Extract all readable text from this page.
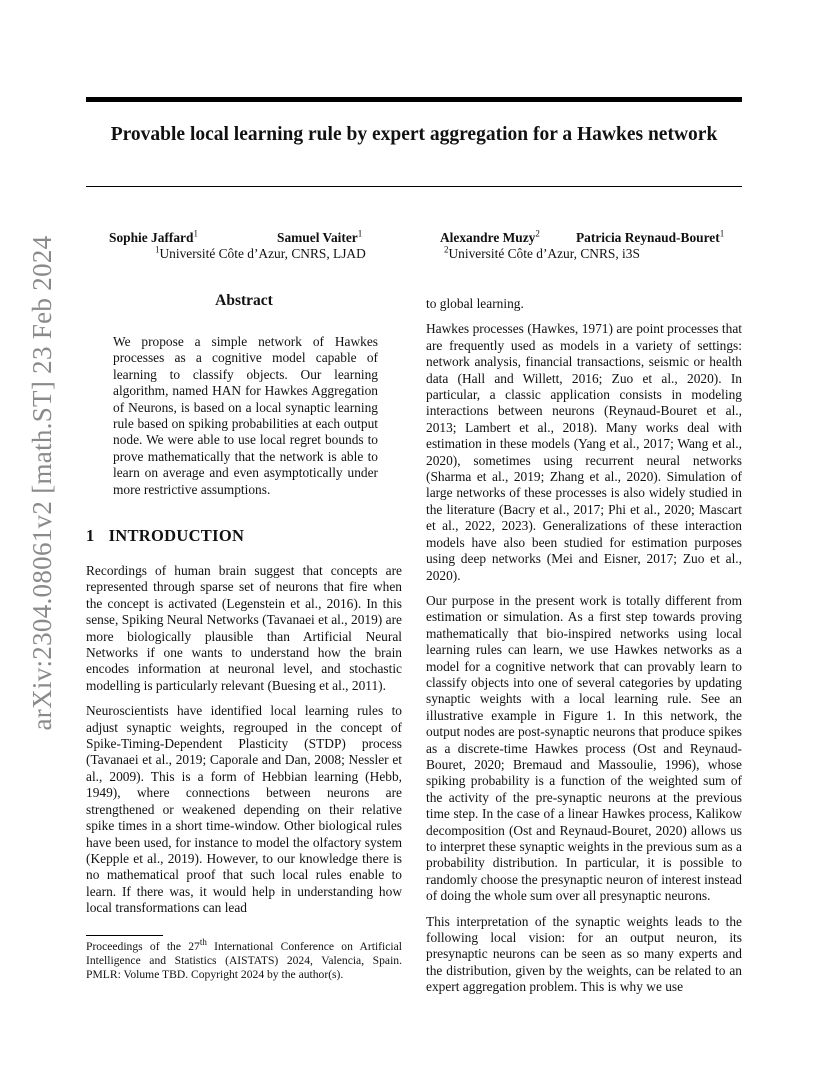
arXiv:2304.08061v2 [math.ST] 23 Feb 2024
Provable local learning rule by expert aggregation for a Hawkes network
Sophie Jaffard$^1$	Samuel Vaiter$^1$	Alexandre Muzy$^2$	Patricia Reynaud-Bouret$^1$
$^1$Université Côte d’Azur, CNRS, LJAD	$^2$Université Côte d’Azur, CNRS, i3S
Abstract
We propose a simple network of Hawkes processes as a cognitive model capable of learning to classify objects. Our learning algorithm, named HAN for Hawkes Aggregation of Neurons, is based on a local synaptic learning rule based on spiking probabilities at each output node. We were able to use local regret bounds to prove mathematically that the network is able to learn on average and even asymptotically under more restrictive assumptions.
1 INTRODUCTION

Recordings of human brain suggest that concepts are represented through sparse set of neurons that fire when the concept is activated (Legenstein et al., 2016). In this sense, Spiking Neural Networks (Tavanaei et al., 2019) are more biologically plausible than Artificial Neural Networks if one wants to understand how the brain encodes information at neuronal level, and stochastic modelling is particularly relevant (Buesing et al., 2011).

Neuroscientists have identified local learning rules to adjust synaptic weights, regrouped in the concept of Spike-Timing-Dependent Plasticity (STDP) process (Tavanaei et al., 2019; Caporale and Dan, 2008; Nessler et al., 2009). This is a form of Hebbian learning (Hebb, 1949), where connections between neurons are strengthened or weakened depending on their relative spike times in a short time-window. Other biological rules have been used, for instance to model the olfactory system (Kepple et al., 2019). However, to our knowledge there is no mathematical proof that such local rules enable to learn. If there was, it would help in understanding how local transformations can lead

to global learning.

Hawkes processes (Hawkes, 1971) are point processes that are frequently used as models in a variety of settings: network analysis, financial transactions, seismic or health data (Hall and Willett, 2016; Zuo et al., 2020). In particular, a classic application consists in modeling interactions between neurons (Reynaud-Bouret et al., 2013; Lambert et al., 2018). Many works deal with estimation in these models (Yang et al., 2017; Wang et al., 2020), sometimes using recurrent neural networks (Sharma et al., 2019; Zhang et al., 2020). Simulation of large networks of these processes is also widely studied in the literature (Bacry et al., 2017; Phi et al., 2020; Mascart et al., 2022, 2023). Generalizations of these interaction models have also been studied for estimation purposes using deep networks (Mei and Eisner, 2017; Zuo et al., 2020).

Our purpose in the present work is totally different from estimation or simulation. As a first step towards proving mathematically that bio-inspired networks using local learning rules can learn, we use Hawkes networks as a model for a cognitive network that can provably learn to classify objects into one of several categories by updating synaptic weights with a local learning rule. See an illustrative example in Figure 1. In this network, the output nodes are post-synaptic neurons that produce spikes as a discrete-time Hawkes process (Ost and Reynaud-Bouret, 2020; Bremaud and Massoulie, 1996), whose spiking probability is a function of the weighted sum of the activity of the pre-synaptic neurons at the previous time step. In the case of a linear Hawkes process, Kalikow decomposition (Ost and Reynaud-Bouret, 2020) allows us to interpret these synaptic weights in the previous sum as a probability distribution. In particular, it is possible to randomly choose the presynaptic neuron of interest instead of doing the whole sum over all presynaptic neurons.

This interpretation of the synaptic weights leads to the following local vision: for an output neuron, its presynaptic neurons can be seen as so many experts and the distribution, given by the weights, can be related to an expert aggregation problem. This is why we use

Proceedings of the 27th International Conference on Artificial Intelligence and Statistics (AISTATS) 2024, Valencia, Spain. PMLR: Volume TBD. Copyright 2024 by the author(s).
